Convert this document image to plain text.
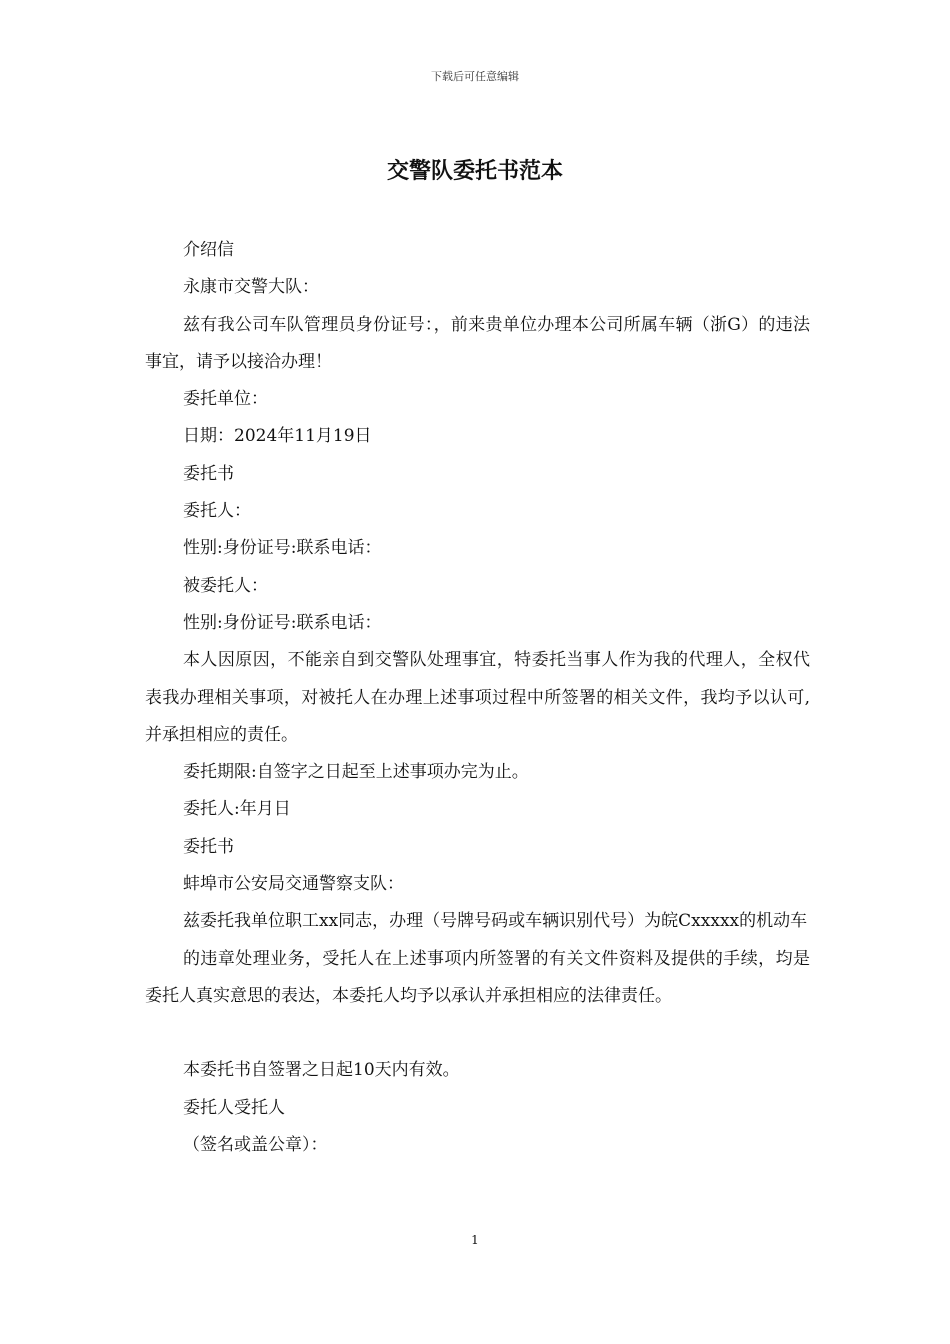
下载后可任意编辑
交警队委托书范本

介绍信

永康市交警大队：

兹有我公司车队管理员身份证号：，前来贵单位办理本公司所属车辆（浙G）的违法事宜，请予以接洽办理！

委托单位：

日期：2024年11月19日

委托书

委托人：

性别:身份证号:联系电话：

被委托人：

性别:身份证号:联系电话：

本人因原因，不能亲自到交警队处理事宜，特委托当事人作为我的代理人，全权代表我办理相关事项，对被托人在办理上述事项过程中所签署的相关文件，我均予以认可,并承担相应的责任。

委托期限:自签字之日起至上述事项办完为止。

委托人:年月日

委托书

蚌埠市公安局交通警察支队：

兹委托我单位职工xx同志，办理（号牌号码或车辆识别代号）为皖Cxxxxx的机动车

的违章处理业务，受托人在上述事项内所签署的有关文件资料及提供的手续，均是委托人真实意思的表达，本委托人均予以承认并承担相应的法律责任。

本委托书自签署之日起10天内有效。

委托人受托人

（签名或盖公章）：

1
